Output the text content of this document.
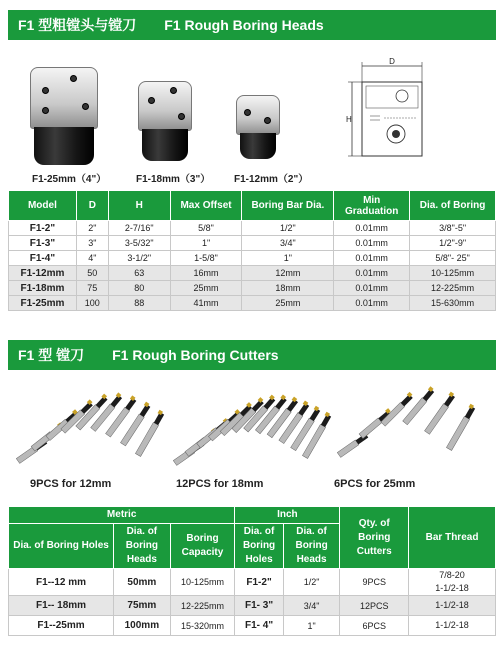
F1 型粗镗头与镗刀 F1 Rough Boring Heads
F1-25mm（4"）	F1-18mm（3"） F1-12mm（2"）
D
H
Model	D	H	Max Offset	Boring Bar Dia.	Min Graduation	Dia. of Boring
F1-2"	2"	2-7/16"	5/8"	1/2"	0.01mm	3/8"-5"
F1-3"	3"	3-5/32"	1"	3/4"	0.01mm	1/2"-9"
F1-4"	4"	3-1/2"	1-5/8"	1"	0.01mm	5/8"- 25"
F1-12mm	50	63	16mm	12mm	0.01mm	10-125mm
F1-18mm	75	80	25mm	18mm	0.01mm	12-225mm
F1-25mm	100	88	41mm	25mm	0.01mm	15-630mm
F1 型 镗刀 F1 Rough Boring Cutters
9PCS for 12mm	12PCS for 18mm	6PCS for 25mm
Metric			Inch		Qty. of Boring Cutters	Bar Thread
Dia. of Boring Holes	Dia. of Boring Heads	Boring Capacity	Dia. of Boring Holes	Dia. of Boring Heads		
F1--12 mm	50mm	10-125mm	F1-2"	1/2"	9PCS	7/8-20
1-1/2-18

F1-- 18mm	75mm	12-225mm	F1- 3"	3/4"	12PCS	1-1/2-18

F1--25mm	100mm	15-320mm	F1- 4"	1"	6PCS	1-1/2-18
